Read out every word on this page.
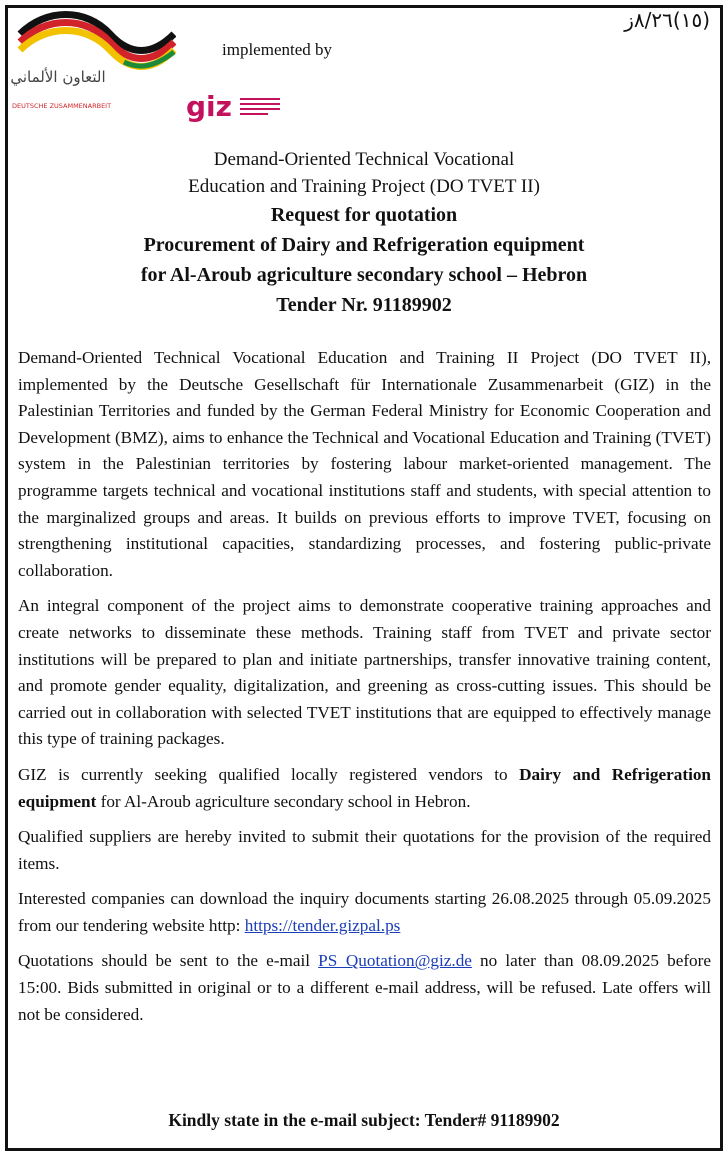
(١٥)٨/٢٦ز
التعاون الألماني
DEUTSCHE ZUSAMMENARBEIT
implemented by
giz
Demand-Oriented Technical Vocational
Education and Training Project (DO TVET II)
Request for quotation
Procurement of Dairy and Refrigeration equipment
for Al-Aroub agriculture secondary school – Hebron
Tender Nr. 91189902

Demand-Oriented Technical Vocational Education and Training II Project (DO TVET II), implemented by the Deutsche Gesellschaft für Internationale Zusammenarbeit (GIZ) in the Palestinian Territories and funded by the German Federal Ministry for Economic Cooperation and Development (BMZ), aims to enhance the Technical and Vocational Education and Training (TVET) system in the Palestinian territories by fostering labour market-oriented management. The programme targets technical and vocational institutions staff and students, with special attention to the marginalized groups and areas. It builds on previous efforts to improve TVET, focusing on strengthening institutional capacities, standardizing processes, and fostering public-private collaboration.

An integral component of the project aims to demonstrate cooperative training approaches and create networks to disseminate these methods. Training staff from TVET and private sector institutions will be prepared to plan and initiate partnerships, transfer innovative training content, and promote gender equality, digitalization, and greening as cross-cutting issues. This should be carried out in collaboration with selected TVET institutions that are equipped to effectively manage this type of training packages.

GIZ is currently seeking qualified locally registered vendors to Dairy and Refrigeration equipment for Al-Aroub agriculture secondary school in Hebron.

Qualified suppliers are hereby invited to submit their quotations for the provision of the required items.

Interested companies can download the inquiry documents starting 26.08.2025 through 05.09.2025 from our tendering website http: https://tender.gizpal.ps

Quotations should be sent to the e-mail PS_Quotation@giz.de no later than 08.09.2025 before 15:00. Bids submitted in original or to a different e-mail address, will be refused. Late offers will not be considered.

Kindly state in the e-mail subject: Tender# 91189902
